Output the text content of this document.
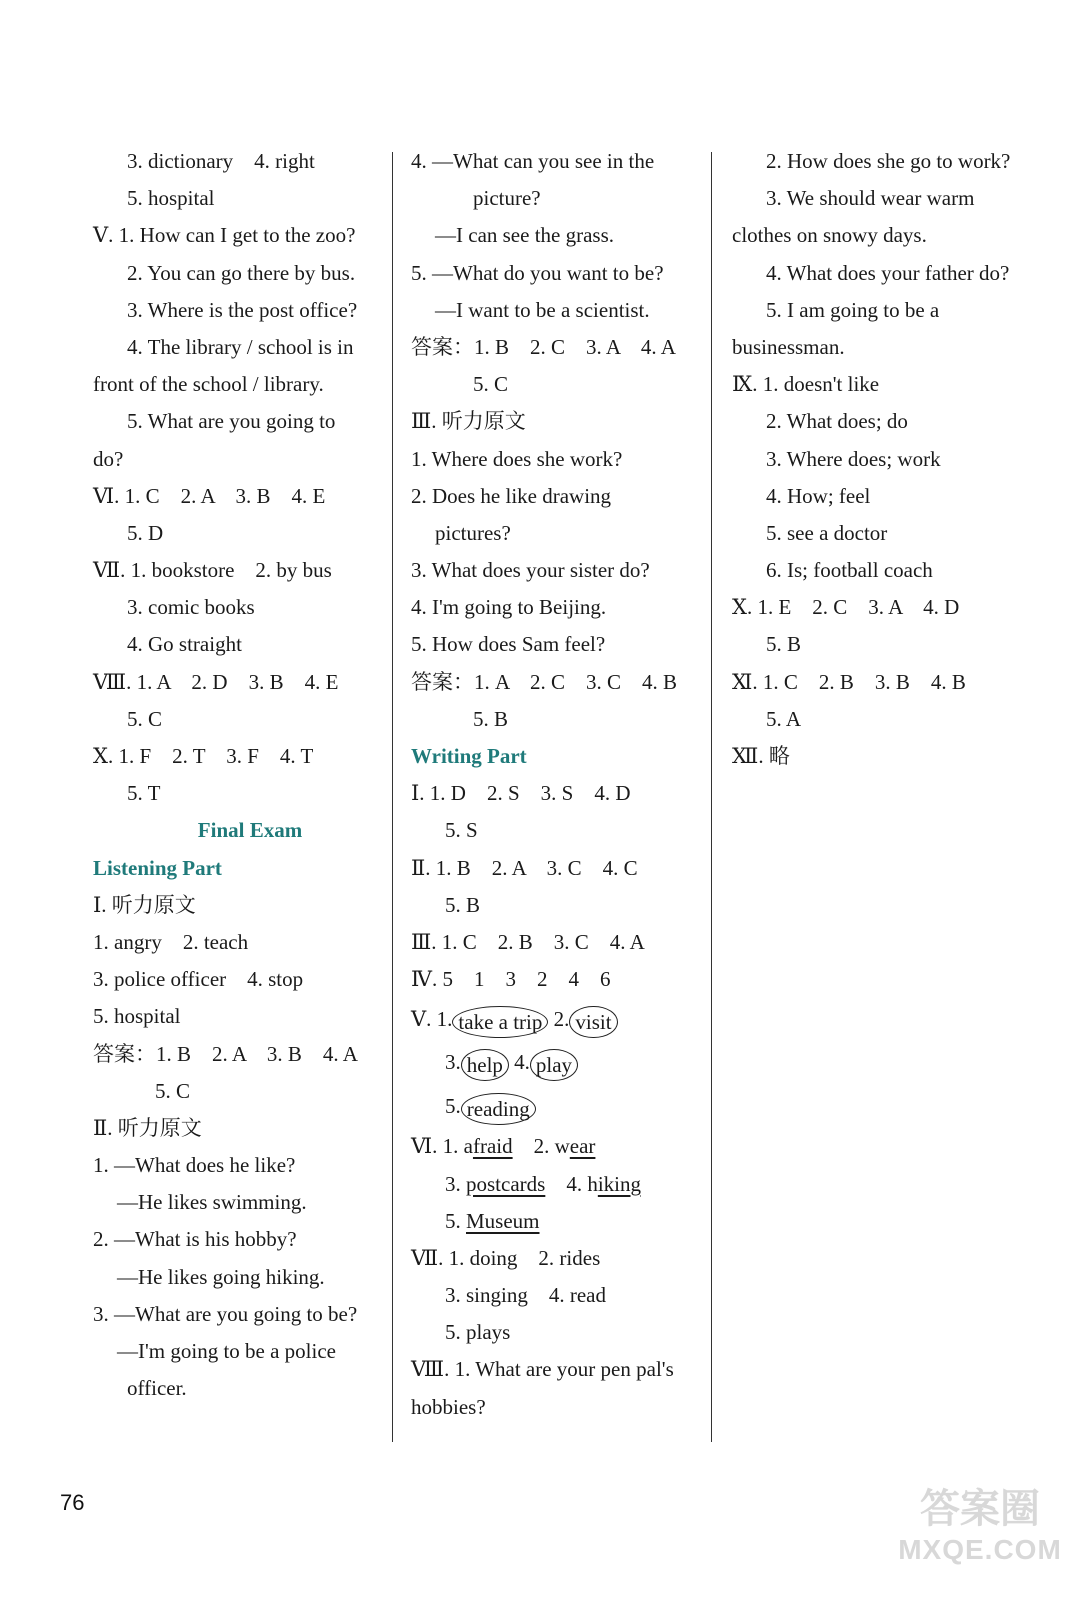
3. dictionary　4. right
5. hospital
Ⅴ. 1. How can I get to the zoo?
2. You can go there by bus.
3. Where is the post office?
4. The library / school is in
front of the school / library.
5. What are you going to
do?
Ⅵ. 1. C　2. A　3. B　4. E
5. D
Ⅶ. 1. bookstore　2. by bus
3. comic books
4. Go straight
Ⅷ. 1. A　2. D　3. B　4. E
5. C
Ⅹ. 1. F　2. T　3. F　4. T
5. T
Final Exam
Listening Part
Ⅰ. 听力原文
1. angry　2. teach
3. police officer　4. stop
5. hospital
答案：1. B　2. A　3. B　4. A
5. C
Ⅱ. 听力原文
1. —What does he like?
—He likes swimming.
2. —What is his hobby?
—He likes going hiking.
3. —What are you going to be?
—I'm going to be a police
officer.
4. —What can you see in the
picture?
—I can see the grass.
5. —What do you want to be?
—I want to be a scientist.
答案：1. B　2. C　3. A　4. A
5. C
Ⅲ. 听力原文
1. Where does she work?
2. Does he like drawing
pictures?
3. What does your sister do?
4. I'm going to Beijing.
5. How does Sam feel?
答案：1. A　2. C　3. C　4. B
5. B
Writing Part
Ⅰ. 1. D　2. S　3. S　4. D
5. S
Ⅱ. 1. B　2. A　3. C　4. C
5. B
Ⅲ. 1. C　2. B　3. C　4. A
Ⅳ. 5　1　3　2　4　6
Ⅴ. 1. take a trip 2. visit
3. help 4. play
5. reading
Ⅵ. 1. afraid　 2. wear
3. postcards　 4. hiking
5. Museum
Ⅶ. 1. doing　2. rides
3. singing　4. read
5. plays
Ⅷ. 1. What are your pen pal's
hobbies?
2. How does she go to work?
3. We should wear warm
clothes on snowy days.
4. What does your father do?
5. I am going to be a
businessman.
Ⅸ. 1. doesn't like
2. What does; do
3. Where does; work
4. How; feel
5. see a doctor
6. Is; football coach
Ⅹ. 1. E　2. C　3. A　4. D
5. B
Ⅺ. 1. C　2. B　3. B　4. B
5. A
Ⅻ. 略
76	答案圈
MXQE.COM
